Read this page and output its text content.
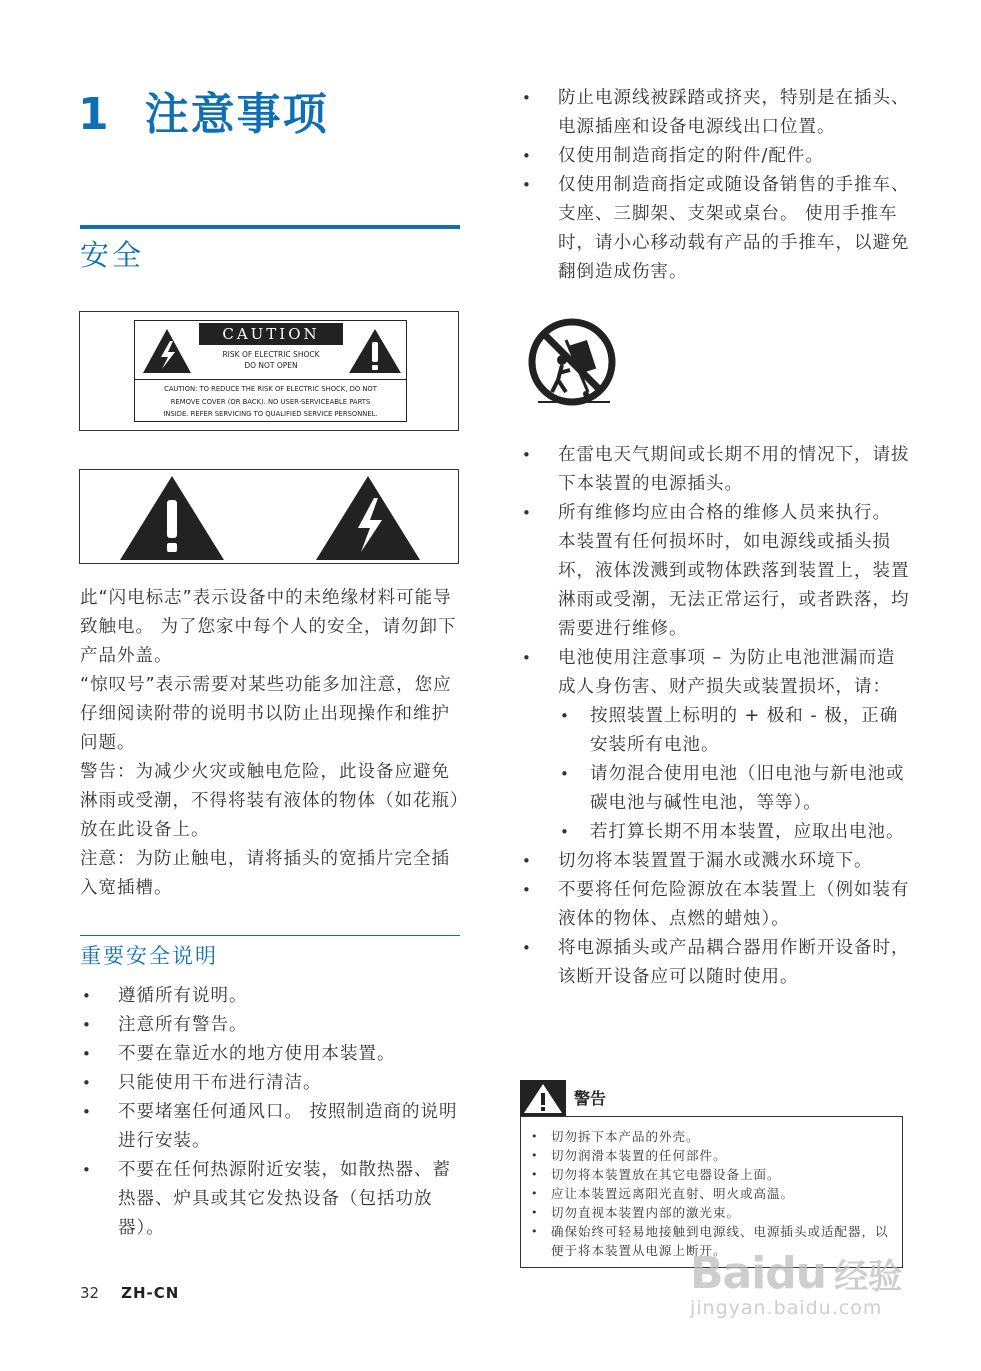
1 注意事项
安全
CAUTION
RISK OF ELECTRIC SHOCK
DO NOT OPEN
CAUTION: TO REDUCE THE RISK OF ELECTRIC SHOCK, DO NOT
REMOVE COVER (OR BACK). NO USER-SERVICEABLE PARTS
INSIDE. REFER SERVICING TO QUALIFIED SERVICE PERSONNEL.
此“闪电标志”表示设备中的未绝缘材料可能导致触电。 为了您家中每个人的安全，请勿卸下产品外盖。
“惊叹号”表示需要对某些功能多加注意，您应仔细阅读附带的说明书以防止出现操作和维护问题。
警告：为减少火灾或触电危险，此设备应避免淋雨或受潮，不得将装有液体的物体（如花瓶）放在此设备上。
注意：为防止触电，请将插头的宽插片完全插入宽插槽。
重要安全说明
• 遵循所有说明。
• 注意所有警告。
• 不要在靠近水的地方使用本装置。
• 只能使用干布进行清洁。
• 不要堵塞任何通风口。 按照制造商的说明进行安装。
• 不要在任何热源附近安装，如散热器、蓄热器、炉具或其它发热设备（包括功放器）。
• 防止电源线被踩踏或挤夹，特别是在插头、电源插座和设备电源线出口位置。
• 仅使用制造商指定的附件/配件。
• 仅使用制造商指定或随设备销售的手推车、支座、三脚架、支架或桌台。 使用手推车时，请小心移动载有产品的手推车，以避免翻倒造成伤害。
• 在雷电天气期间或长期不用的情况下，请拔下本装置的电源插头。
• 所有维修均应由合格的维修人员来执行。 本装置有任何损坏时，如电源线或插头损坏，液体泼溅到或物体跌落到装置上，装置淋雨或受潮，无法正常运行，或者跌落，均需要进行维修。
• 电池使用注意事项 – 为防止电池泄漏而造成人身伤害、财产损失或装置损坏，请：
• 按照装置上标明的 + 极和 - 极，正确安装所有电池。
• 请勿混合使用电池（旧电池与新电池或碳电池与碱性电池，等等）。
• 若打算长期不用本装置，应取出电池。
• 切勿将本装置置于漏水或溅水环境下。
• 不要将任何危险源放在本装置上（例如装有液体的物体、点燃的蜡烛）。
• 将电源插头或产品耦合器用作断开设备时，该断开设备应可以随时使用。
警告
• 切勿拆下本产品的外壳。
• 切勿润滑本装置的任何部件。
• 切勿将本装置放在其它电器设备上面。
• 应让本装置远离阳光直射、明火或高温。
• 切勿直视本装置内部的激光束。
• 确保始终可轻易地接触到电源线、电源插头或适配器，以便于将本装置从电源上断开。
32 ZH-CN	Baidu 经验
jingyan.baidu.com
